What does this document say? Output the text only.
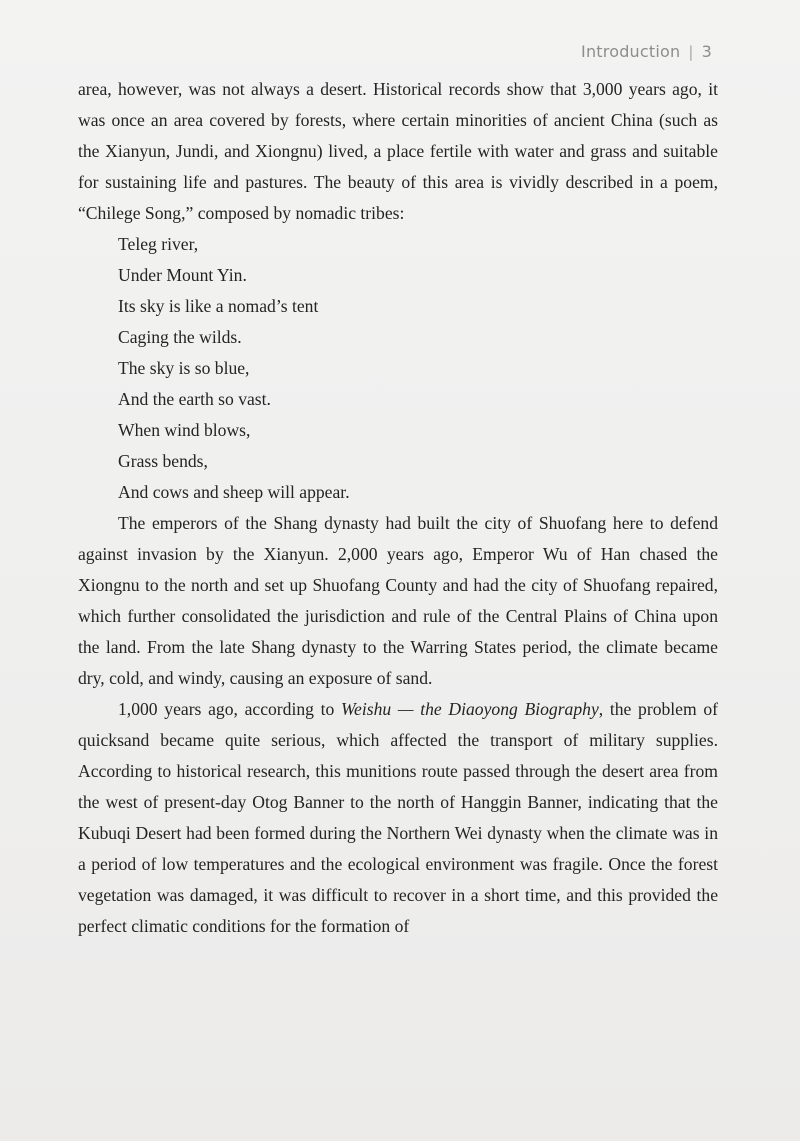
Introduction | 3

area, however, was not always a desert. Historical records show that 3,000 years ago, it was once an area covered by forests, where certain minorities of ancient China (such as the Xianyun, Jundi, and Xiongnu) lived, a place fertile with water and grass and suitable for sustaining life and pastures. The beauty of this area is vividly described in a poem, “Chilege Song,” composed by nomadic tribes:

Teleg river,
Under Mount Yin.
Its sky is like a nomad’s tent
Caging the wilds.
The sky is so blue,
And the earth so vast.
When wind blows,
Grass bends,
And cows and sheep will appear.

The emperors of the Shang dynasty had built the city of Shuofang here to defend against invasion by the Xianyun. 2,000 years ago, Emperor Wu of Han chased the Xiongnu to the north and set up Shuofang County and had the city of Shuofang repaired, which further consolidated the jurisdiction and rule of the Central Plains of China upon the land. From the late Shang dynasty to the Warring States period, the climate became dry, cold, and windy, causing an exposure of sand.

1,000 years ago, according to Weishu — the Diaoyong Biography, the problem of quicksand became quite serious, which affected the transport of military supplies. According to historical research, this munitions route passed through the desert area from the west of present-day Otog Banner to the north of Hanggin Banner, indicating that the Kubuqi Desert had been formed during the Northern Wei dynasty when the climate was in a period of low temperatures and the ecological environment was fragile. Once the forest vegetation was damaged, it was difficult to recover in a short time, and this provided the perfect climatic conditions for the formation of
